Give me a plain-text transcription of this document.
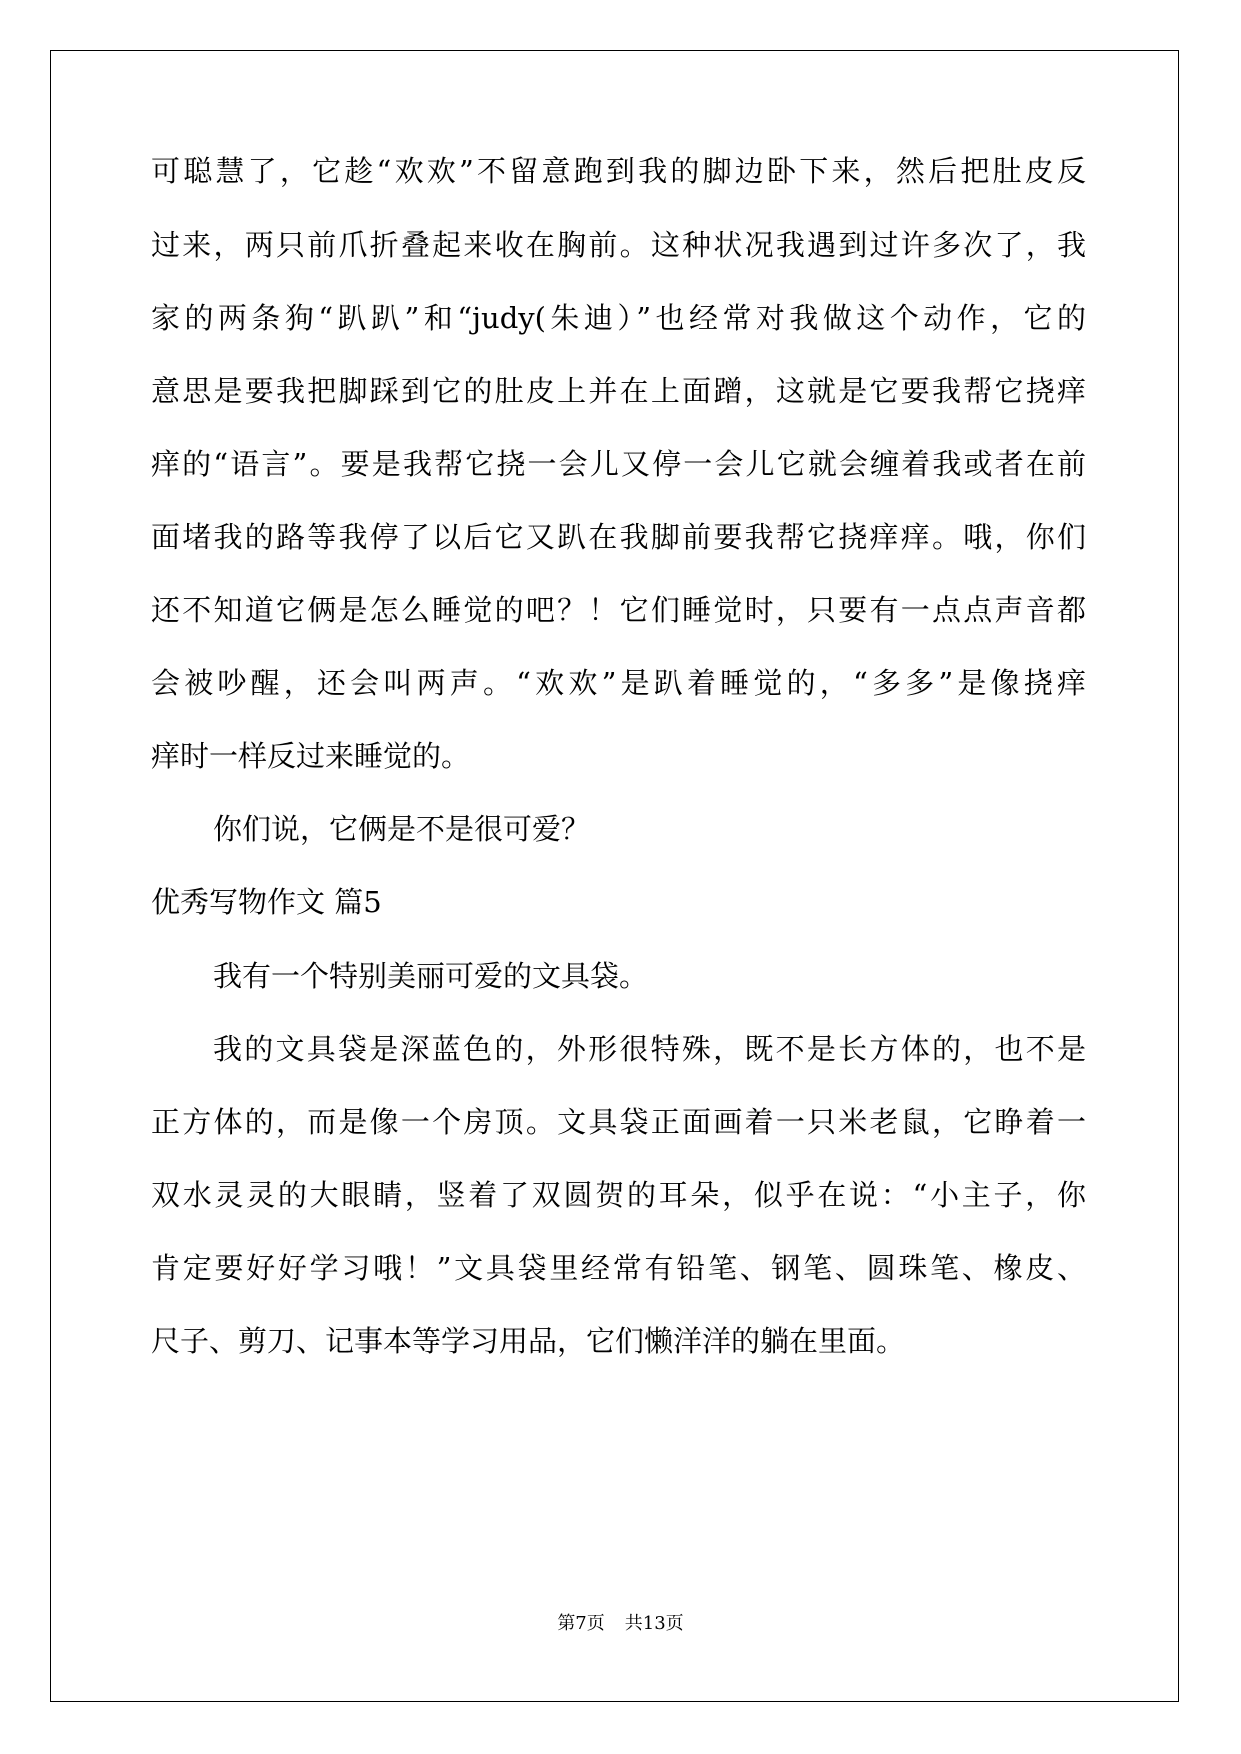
可聪慧了，它趁“欢欢”不留意跑到我的脚边卧下来，然后把肚皮反
过来，两只前爪折叠起来收在胸前。这种状况我遇到过许多次了，我
家的两条狗“趴趴”和“judy(朱迪）”也经常对我做这个动作，它的
意思是要我把脚踩到它的肚皮上并在上面蹭，这就是它要我帮它挠痒
痒的“语言”。要是我帮它挠一会儿又停一会儿它就会缠着我或者在前
面堵我的路等我停了以后它又趴在我脚前要我帮它挠痒痒。哦，你们
还不知道它俩是怎么睡觉的吧？！它们睡觉时，只要有一点点声音都
会被吵醒，还会叫两声。“欢欢”是趴着睡觉的，“多多”是像挠痒
痒时一样反过来睡觉的。
你们说，它俩是不是很可爱？
优秀写物作文 篇5
我有一个特别美丽可爱的文具袋。
我的文具袋是深蓝色的，外形很特殊，既不是长方体的，也不是
正方体的，而是像一个房顶。文具袋正面画着一只米老鼠，它睁着一
双水灵灵的大眼睛，竖着了双圆贺的耳朵，似乎在说：“小主子，你
肯定要好好学习哦！”文具袋里经常有铅笔、钢笔、圆珠笔、橡皮、
尺子、剪刀、记事本等学习用品，它们懒洋洋的躺在里面。
第7页 共13页
